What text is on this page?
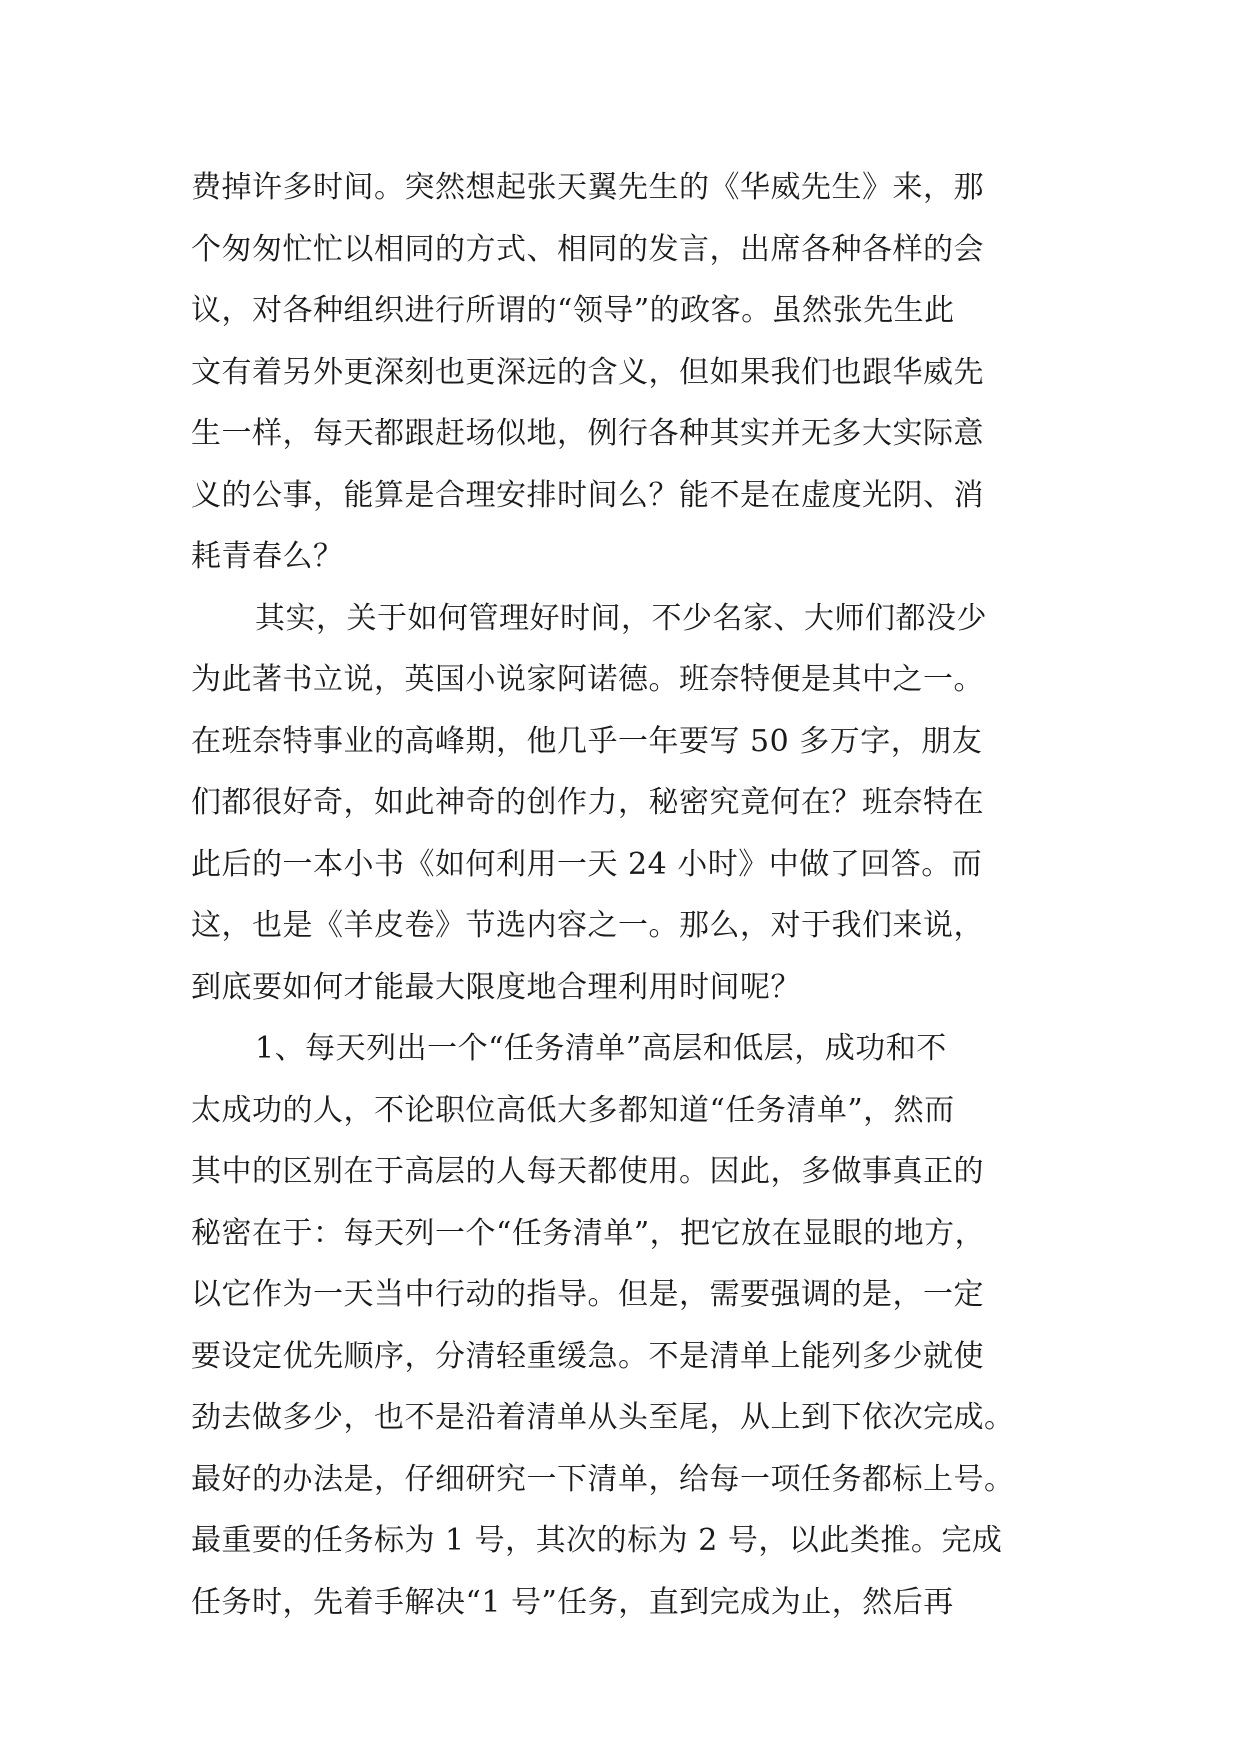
费掉许多时间。突然想起张天翼先生的《华威先生》来，那
个匆匆忙忙以相同的方式、相同的发言，出席各种各样的会
议，对各种组织进行所谓的“领导”的政客。虽然张先生此
文有着另外更深刻也更深远的含义，但如果我们也跟华威先
生一样，每天都跟赶场似地，例行各种其实并无多大实际意
义的公事，能算是合理安排时间么？能不是在虚度光阴、消
耗青春么？
其实，关于如何管理好时间，不少名家、大师们都没少
为此著书立说，英国小说家阿诺德。班奈特便是其中之一。
在班奈特事业的高峰期，他几乎一年要写 50 多万字，朋友
们都很好奇，如此神奇的创作力，秘密究竟何在？班奈特在
此后的一本小书《如何利用一天 24 小时》中做了回答。而
这，也是《羊皮卷》节选内容之一。那么，对于我们来说，
到底要如何才能最大限度地合理利用时间呢？
1、每天列出一个“任务清单”高层和低层，成功和不
太成功的人，不论职位高低大多都知道“任务清单”，然而
其中的区别在于高层的人每天都使用。因此，多做事真正的
秘密在于：每天列一个“任务清单”，把它放在显眼的地方，
以它作为一天当中行动的指导。但是，需要强调的是，一定
要设定优先顺序，分清轻重缓急。不是清单上能列多少就使
劲去做多少，也不是沿着清单从头至尾，从上到下依次完成。
最好的办法是，仔细研究一下清单，给每一项任务都标上号。
最重要的任务标为 1 号，其次的标为 2 号，以此类推。完成
任务时，先着手解决“1 号”任务，直到完成为止，然后再
